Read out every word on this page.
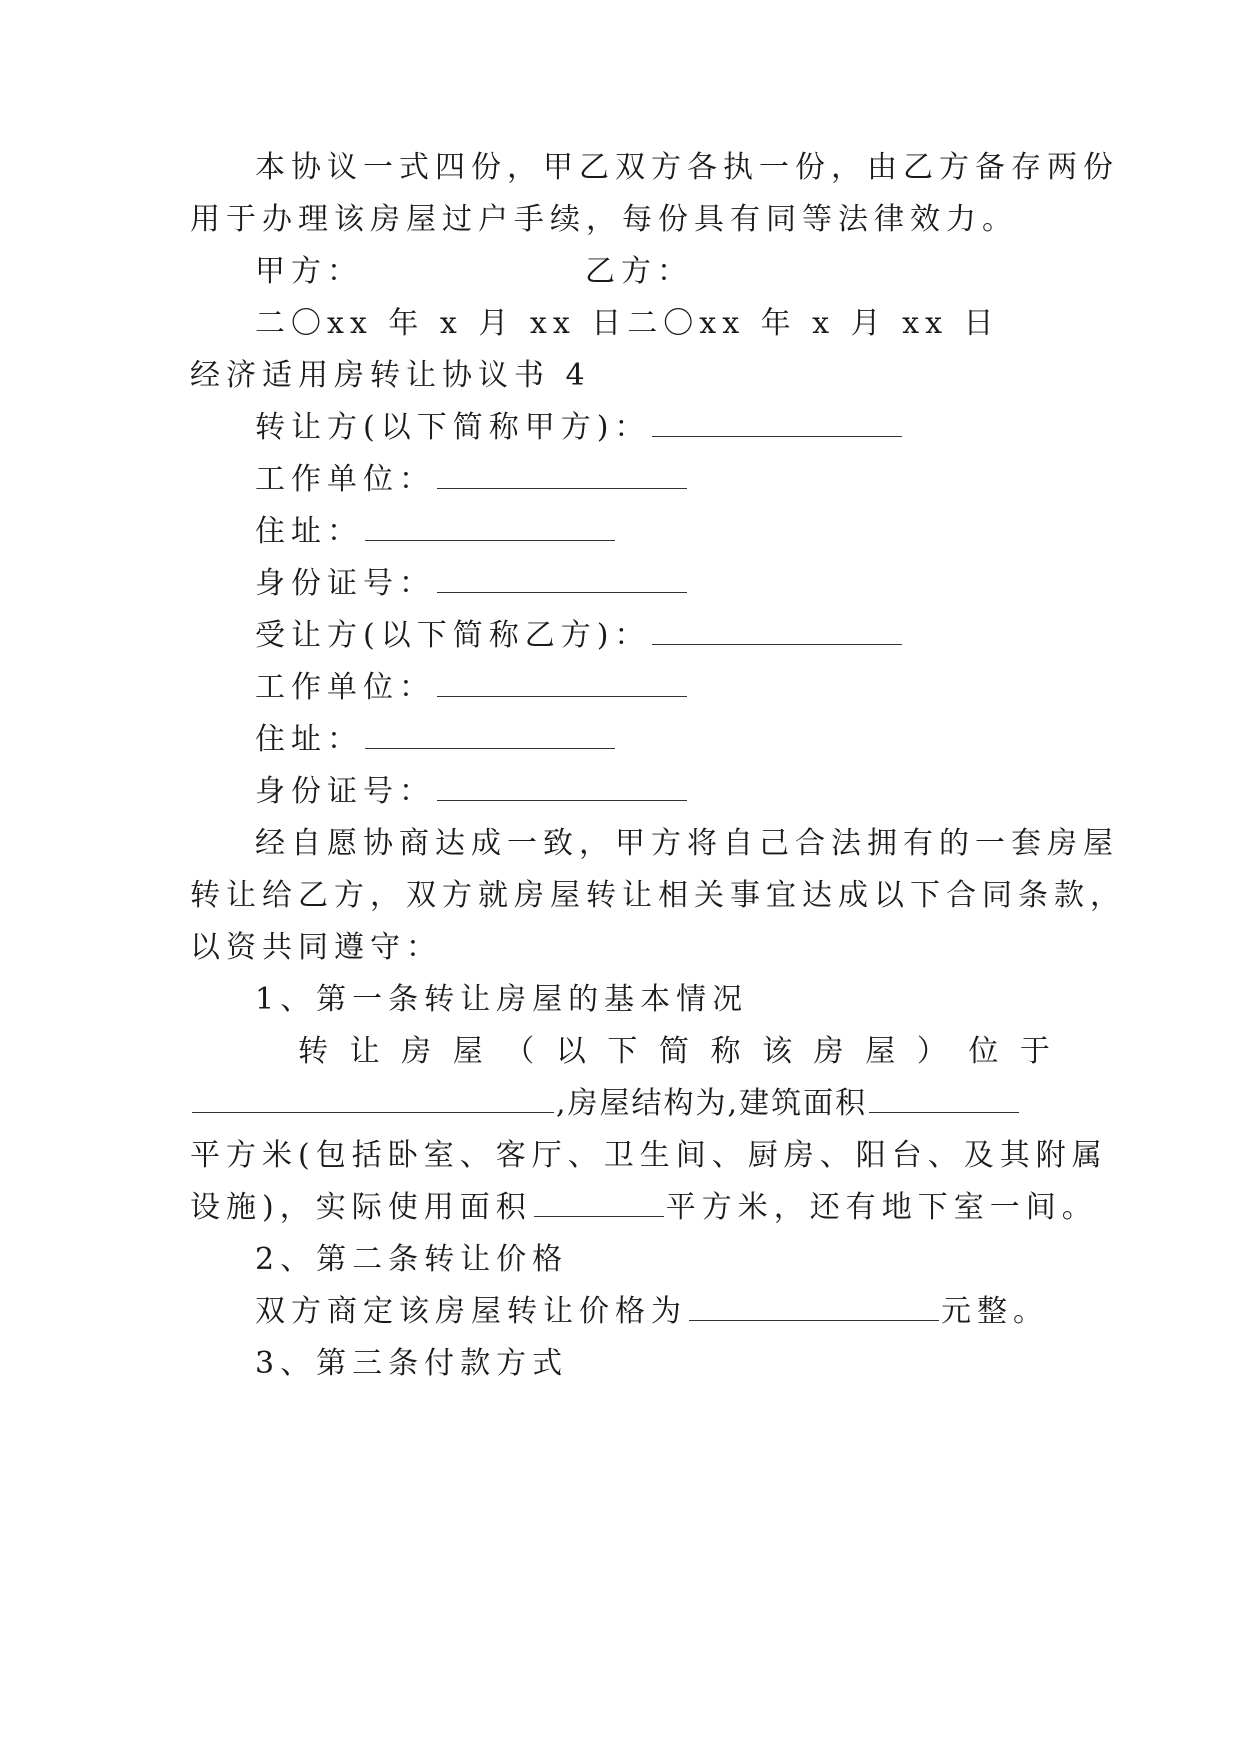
本协议一式四份，甲乙双方各执一份，由乙方备存两份
用于办理该房屋过户手续，每份具有同等法律效力。
甲方：	乙方：
二〇xx 年 x 月 xx 日二〇xx 年 x 月 xx 日
经济适用房转让协议书 4
转让方(以下简称甲方)：
工作单位：
住址：
身份证号：
受让方(以下简称乙方)：
工作单位：
住址：
身份证号：
经自愿协商达成一致，甲方将自己合法拥有的一套房屋
转让给乙方，双方就房屋转让相关事宜达成以下合同条款，
以资共同遵守：
1、第一条转让房屋的基本情况
转 让 房 屋 （ 以 下 简 称 该 房 屋 ） 位 于
,房屋结构为,建筑面积
平方米(包括卧室、客厅、卫生间、厨房、阳台、及其附属
设施)，实际使用面积	平方米，还有地下室一间。
2、第二条转让价格
双方商定该房屋转让价格为	元整。
3、第三条付款方式
